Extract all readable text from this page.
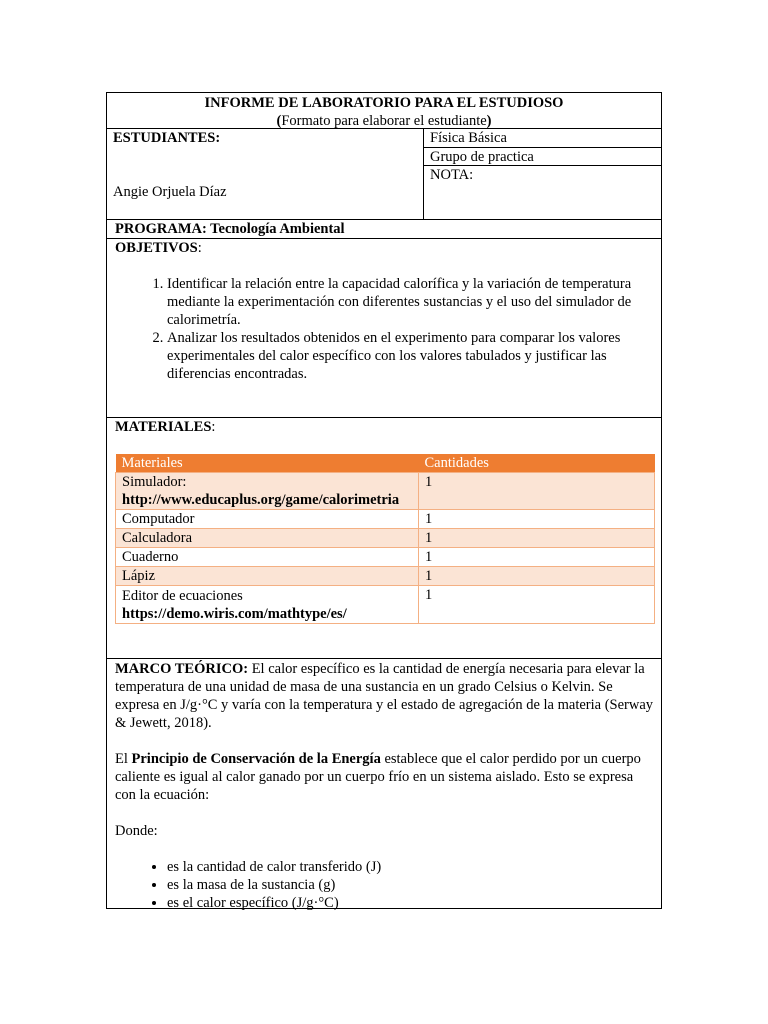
INFORME DE LABORATORIO PARA EL ESTUDIOSO
(Formato para elaborar el estudiante)
ESTUDIANTES:
Angie Orjuela Díaz
Física Básica
Grupo de practica
NOTA:
PROGRAMA: Tecnología Ambiental
OBJETIVOS:
1. Identificar la relación entre la capacidad calorífica y la variación de temperatura mediante la experimentación con diferentes sustancias y el uso del simulador de calorimetría.
2. Analizar los resultados obtenidos en el experimento para comparar los valores experimentales del calor específico con los valores tabulados y justificar las diferencias encontradas.
MATERIALES:
Materiales	Cantidades

Simulador:
http://www.educaplus.org/game/calorimetria	1
Computador	1
Calculadora	1
Cuaderno	1
Lápiz	1

Editor de ecuaciones
https://demo.wiris.com/mathtype/es/	1
MARCO TEÓRICO: El calor específico es la cantidad de energía necesaria para elevar la temperatura de una unidad de masa de una sustancia en un grado Celsius o Kelvin. Se expresa en J/g·°C y varía con la temperatura y el estado de agregación de la materia (Serway & Jewett, 2018).
El Principio de Conservación de la Energía establece que el calor perdido por un cuerpo caliente es igual al calor ganado por un cuerpo frío en un sistema aislado. Esto se expresa con la ecuación:
Donde:
• es la cantidad de calor transferido (J)
• es la masa de la sustancia (g)
• es el calor específico (J/g·°C)
